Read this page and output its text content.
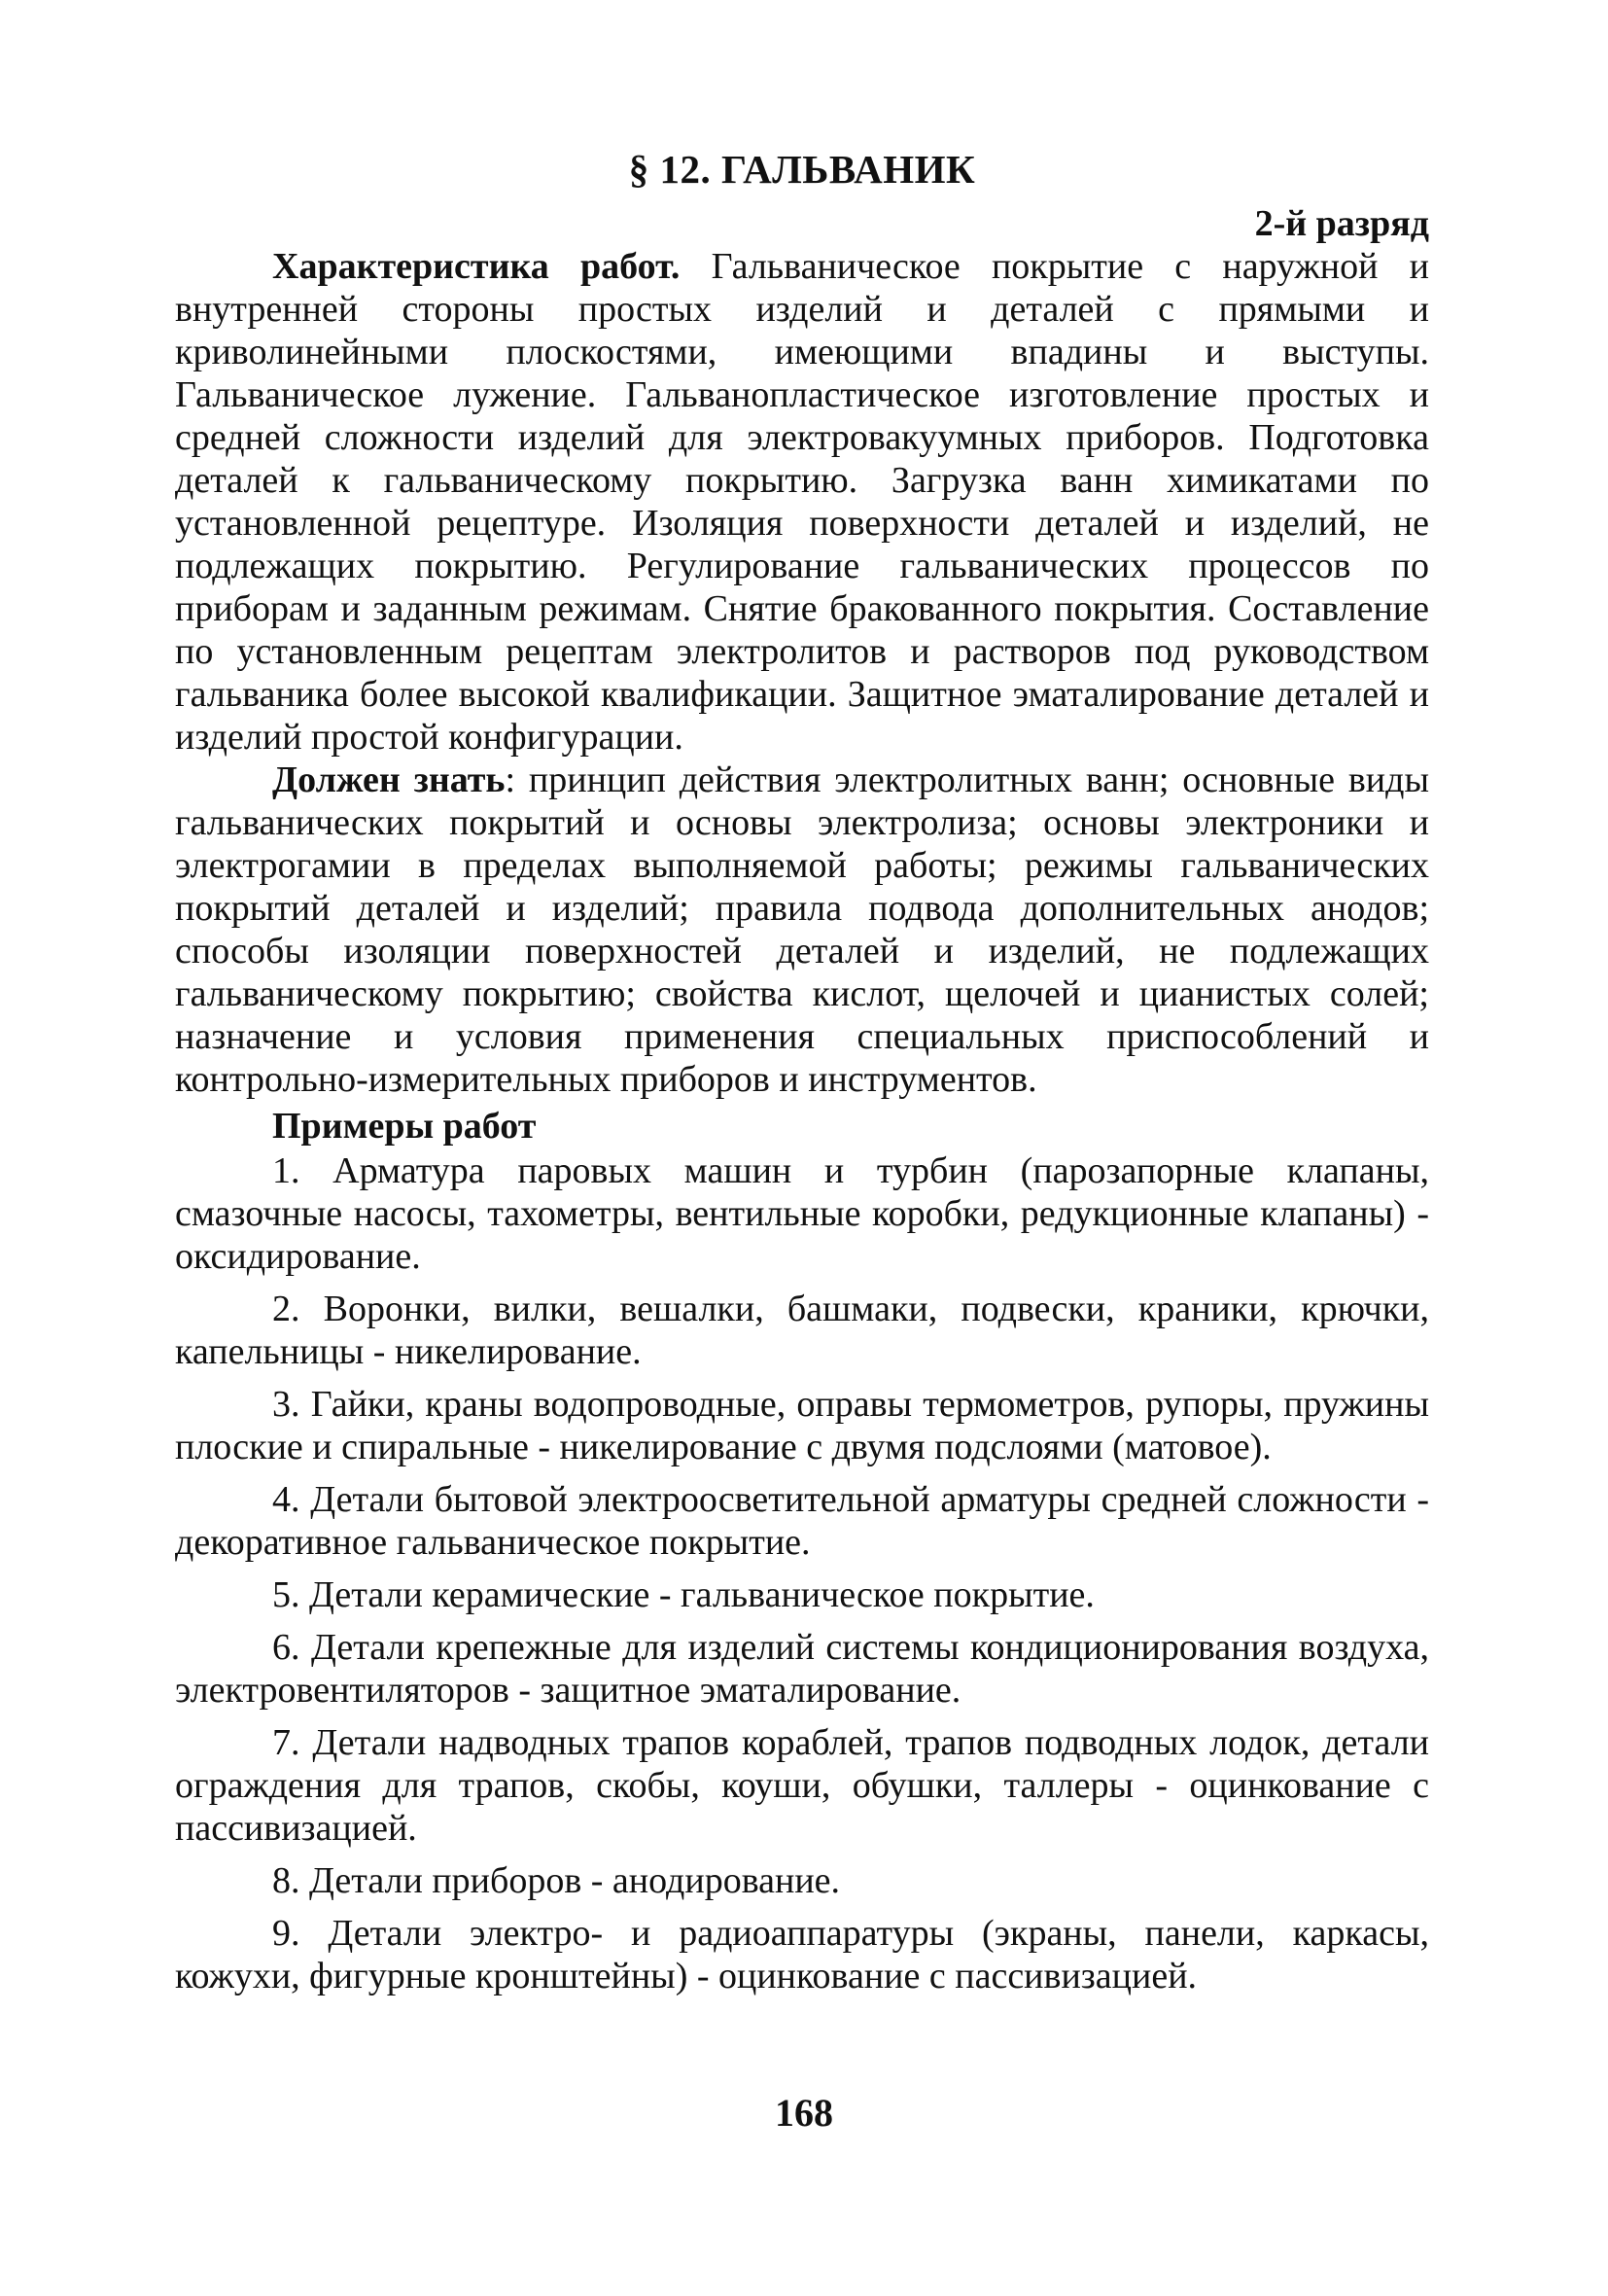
§ 12. ГАЛЬВАНИК
2-й разряд

Характеристика работ. Гальваническое покрытие с наружной и внутренней стороны простых изделий и деталей с прямыми и криволинейными плоскостями, имеющими впадины и выступы. Гальваническое лужение. Гальванопластическое изготовление простых и средней сложности изделий для электровакуумных приборов. Подготовка деталей к гальваническому покрытию. Загрузка ванн химикатами по установленной рецептуре. Изоляция поверхности деталей и изделий, не подлежащих покрытию. Регулирование гальванических процессов по приборам и заданным режимам. Снятие бракованного покрытия. Составление по установленным рецептам электролитов и растворов под руководством гальваника более высокой квалификации. Защитное эматалирование деталей и изделий простой конфигурации.

Должен знать: принцип действия электролитных ванн; основные виды гальванических покрытий и основы электролиза; основы электроники и электрогамии в пределах выполняемой работы; режимы гальванических покрытий деталей и изделий; правила подвода дополнительных анодов; способы изоляции поверхностей деталей и изделий, не подлежащих гальваническому покрытию; свойства кислот, щелочей и цианистых солей; назначение и условия применения специальных приспособлений и контрольно-измерительных приборов и инструментов.

Примеры работ
1. Арматура паровых машин и турбин (парозапорные клапаны, смазочные насосы, тахометры, вентильные коробки, редукционные клапаны) - оксидирование.
2. Воронки, вилки, вешалки, башмаки, подвески, краники, крючки, капельницы - никелирование.
3. Гайки, краны водопроводные, оправы термометров, рупоры, пружины плоские и спиральные - никелирование с двумя подслоями (матовое).
4. Детали бытовой электроосветительной арматуры средней сложности - декоративное гальваническое покрытие.
5. Детали керамические - гальваническое покрытие.
6. Детали крепежные для изделий системы кондиционирования воздуха, электровентиляторов - защитное эматалирование.
7. Детали надводных трапов кораблей, трапов подводных лодок, детали ограждения для трапов, скобы, коуши, обушки, таллеры - оцинкование с пассивизацией.
8. Детали приборов - анодирование.
9. Детали электро- и радиоаппаратуры (экраны, панели, каркасы, кожухи, фигурные кронштейны) - оцинкование с пассивизацией.
168
